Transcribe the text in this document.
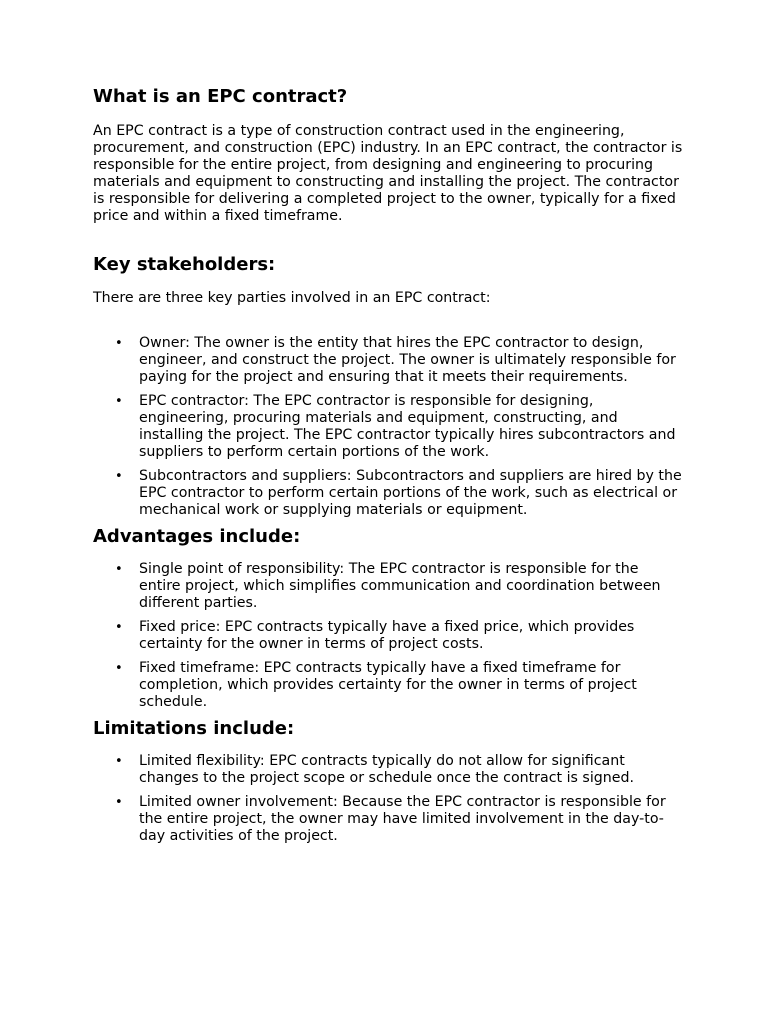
What is an EPC contract?

An EPC contract is a type of construction contract used in the engineering, procurement, and construction (EPC) industry. In an EPC contract, the contractor is responsible for the entire project, from designing and engineering to procuring materials and equipment to constructing and installing the project. The contractor is responsible for delivering a completed project to the owner, typically for a fixed price and within a fixed timeframe.

Key stakeholders:

There are three key parties involved in an EPC contract:

• Owner: The owner is the entity that hires the EPC contractor to design, engineer, and construct the project. The owner is ultimately responsible for paying for the project and ensuring that it meets their requirements.
• EPC contractor: The EPC contractor is responsible for designing, engineering, procuring materials and equipment, constructing, and installing the project. The EPC contractor typically hires subcontractors and suppliers to perform certain portions of the work.
• Subcontractors and suppliers: Subcontractors and suppliers are hired by the EPC contractor to perform certain portions of the work, such as electrical or mechanical work or supplying materials or equipment.
Advantages include:
• Single point of responsibility: The EPC contractor is responsible for the entire project, which simplifies communication and coordination between different parties.
• Fixed price: EPC contracts typically have a fixed price, which provides certainty for the owner in terms of project costs.
• Fixed timeframe: EPC contracts typically have a fixed timeframe for completion, which provides certainty for the owner in terms of project schedule.
Limitations include:
• Limited flexibility: EPC contracts typically do not allow for significant changes to the project scope or schedule once the contract is signed.
• Limited owner involvement: Because the EPC contractor is responsible for the entire project, the owner may have limited involvement in the day-to-day activities of the project.
